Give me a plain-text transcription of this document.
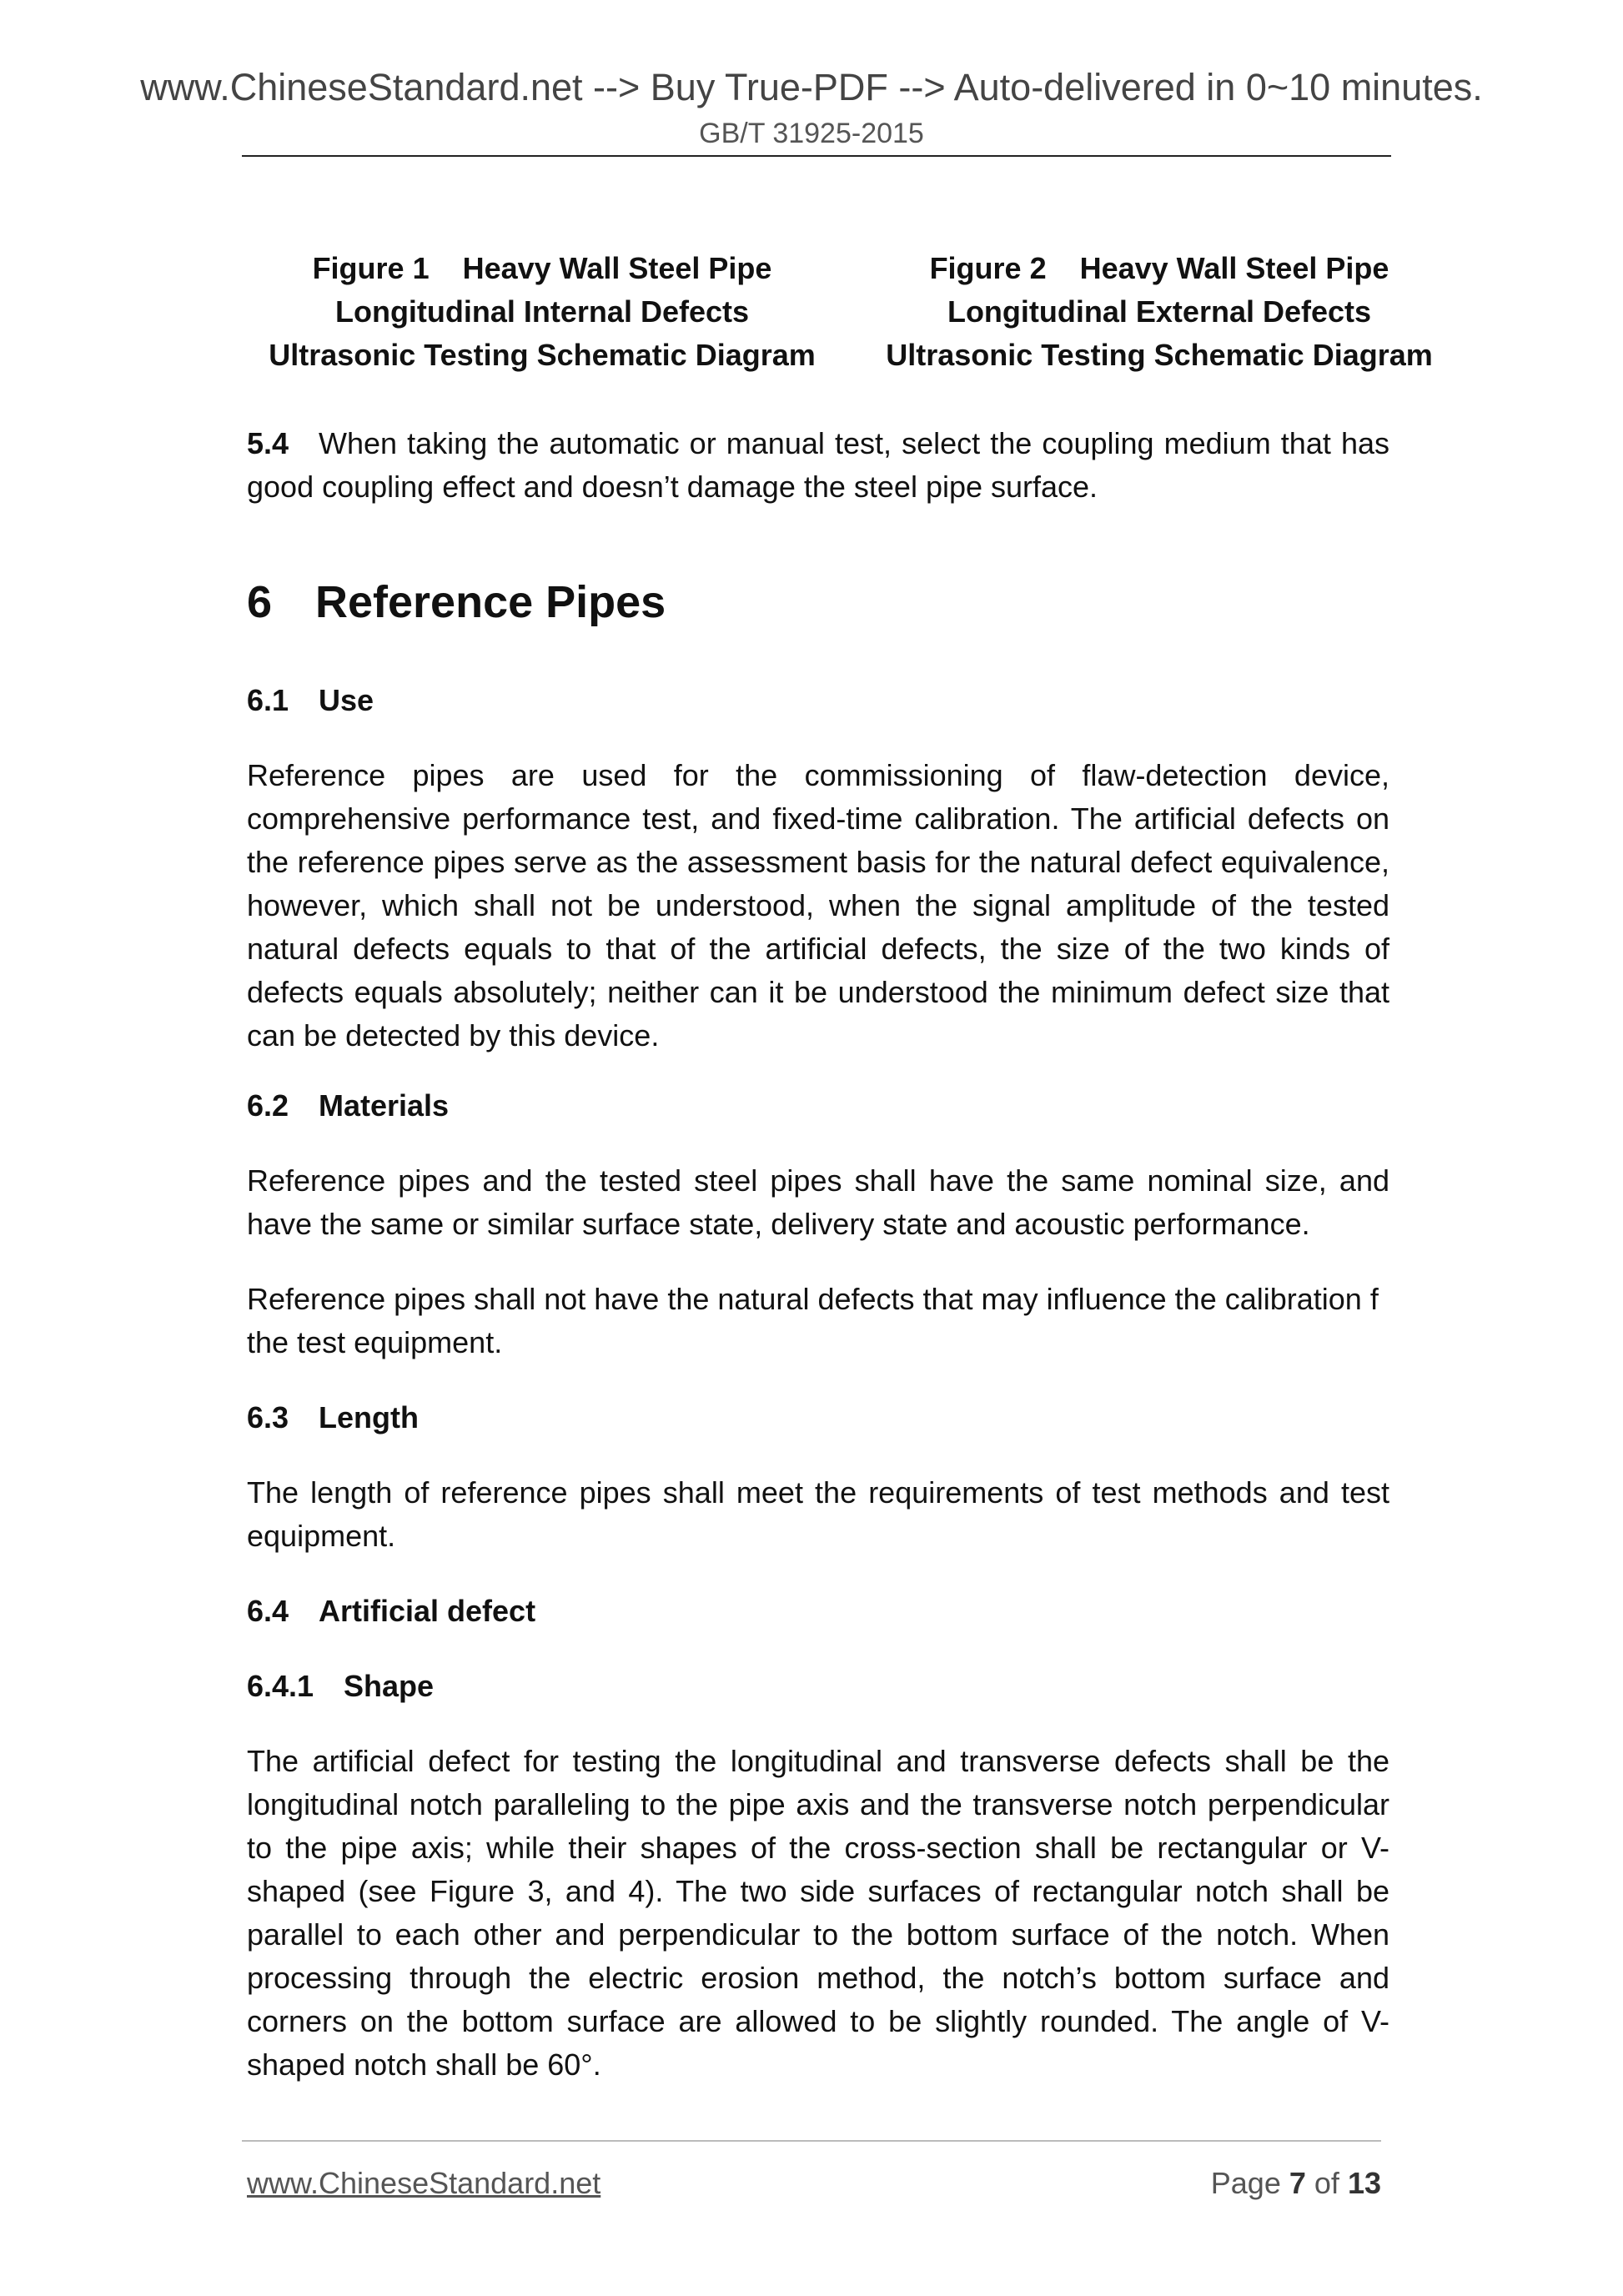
www.ChineseStandard.net --> Buy True-PDF --> Auto-delivered in 0~10 minutes.
GB/T 31925-2015
Figure 1    Heavy Wall Steel Pipe
Longitudinal Internal Defects
Ultrasonic Testing Schematic Diagram
Figure 2    Heavy Wall Steel Pipe
Longitudinal External Defects
Ultrasonic Testing Schematic Diagram

5.4 When taking the automatic or manual test, select the coupling medium that has good coupling effect and doesn’t damage the steel pipe surface.

6 Reference Pipes
6.1 Use

Reference pipes are used for the commissioning of flaw-detection device, comprehensive performance test, and fixed-time calibration. The artificial defects on the reference pipes serve as the assessment basis for the natural defect equivalence, however, which shall not be understood, when the signal amplitude of the tested natural defects equals to that of the artificial defects, the size of the two kinds of defects equals absolutely; neither can it be understood the minimum defect size that can be detected by this device.

6.2 Materials

Reference pipes and the tested steel pipes shall have the same nominal size, and have the same or similar surface state, delivery state and acoustic performance.

Reference pipes shall not have the natural defects that may influence the calibration f the test equipment.

6.3 Length

The length of reference pipes shall meet the requirements of test methods and test equipment.

6.4 Artificial defect
6.4.1 Shape

The artificial defect for testing the longitudinal and transverse defects shall be the longitudinal notch paralleling to the pipe axis and the transverse notch perpendicular to the pipe axis; while their shapes of the cross-section shall be rectangular or V-shaped (see Figure 3, and 4). The two side surfaces of rectangular notch shall be parallel to each other and perpendicular to the bottom surface of the notch. When processing through the electric erosion method, the notch’s bottom surface and corners on the bottom surface are allowed to be slightly rounded. The angle of V-shaped notch shall be 60°.

www.ChineseStandard.net	Page 7 of 13
